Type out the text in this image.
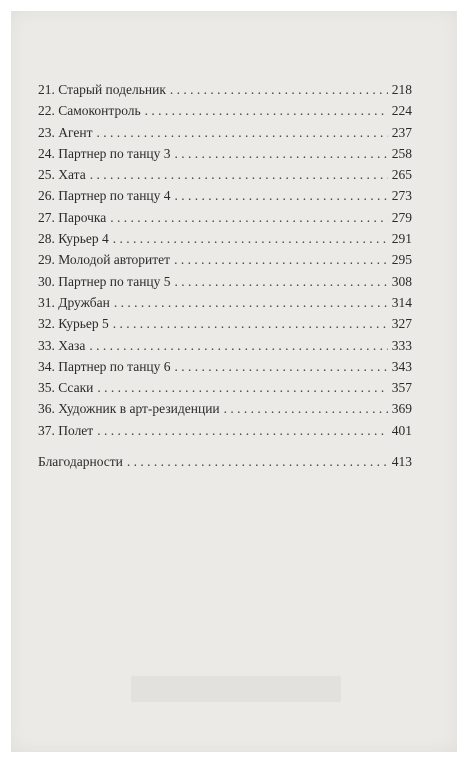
21. Старый подельник . . .	218
22. Самоконтроль . . .	224
23. Агент . . .	237
24. Партнер по танцу 3 . . .	258
25. Хата . . .	265
26. Партнер по танцу 4 . . .	273
27. Парочка . . .	279
28. Курьер 4 . . .	291
29. Молодой авторитет . . .	295
30. Партнер по танцу 5 . . .	308
31. Дружбан . . .	314
32. Курьер 5 . . .	327
33. Хаза . . .	333
34. Партнер по танцу 6 . . .	343
35. Ссаки . . .	357
36. Художник в арт-резиденции . . .	369
37. Полет . . .	401
Благодарности . . .	413
